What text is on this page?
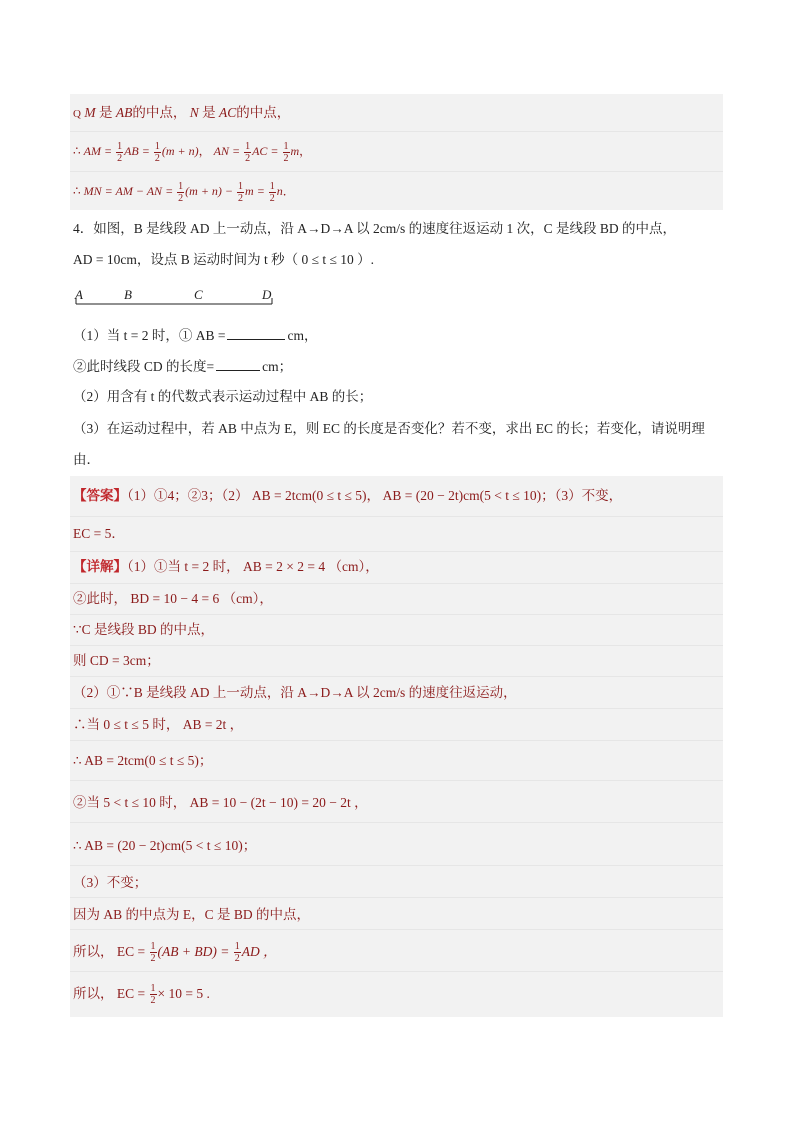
Q M 是 AB的中点， N 是 AC的中点，
∴ AM = $\frac{1}{2}$ AB = $\frac{1}{2} (m + n)$， AN = $\frac{1}{2}$ AC = $\frac{1}{2}$ m，
∴ MN = AM − AN = $\frac{1}{2} (m + n) - \frac{1}{2}$ $m = \frac{1}{2}$ n．
4．如图，B 是线段 AD 上一动点，沿 A→D→A 以 2cm/s 的速度往返运动 1 次，C 是线段 BD 的中点，
AD = 10cm，设点 B 运动时间为 t 秒（ 0 ≤ t ≤ 10 ）.
A	B	C	D
（1）当 t = 2 时，① AB =	cm，
②此时线段 CD 的长度=	cm；
（2）用含有 t 的代数式表示运动过程中 AB 的长；
（3）在运动过程中，若 AB 中点为 E，则 EC 的长度是否变化？若不变，求出 EC 的长；若变化，请说明理
由．
【答案】（1）①4；②3；（2） AB = 2tcm(0 ≤ t ≤ 5)， AB = (20 − 2t)cm(5 < t ≤ 10)；（3）不变，
EC = 5．
【详解】（1）①当 t = 2 时， AB = 2 × 2 = 4 （cm），
②此时， BD = 10 − 4 = 6 （cm），
∵C 是线段 BD 的中点，
则 CD = 3cm；
（2）①∵B 是线段 AD 上一动点，沿 A→D→A 以 2cm/s 的速度往返运动，
∴当 0 ≤ t ≤ 5 时， AB = 2t ，
∴ AB = 2tcm(0 ≤ t ≤ 5)；
②当 5 < t ≤ 10 时， AB = 10 − (2t − 10) = 20 − 2t ，
∴ AB = (20 − 2t)cm(5 < t ≤ 10)；
（3）不变；
因为 AB 的中点为 E，C 是 BD 的中点，
所以， EC = $\frac{1}{2} (AB + BD) = \frac{1}{2}$ AD ，
所以， EC = $\frac{1}{2} \times 10 = 5$ .
